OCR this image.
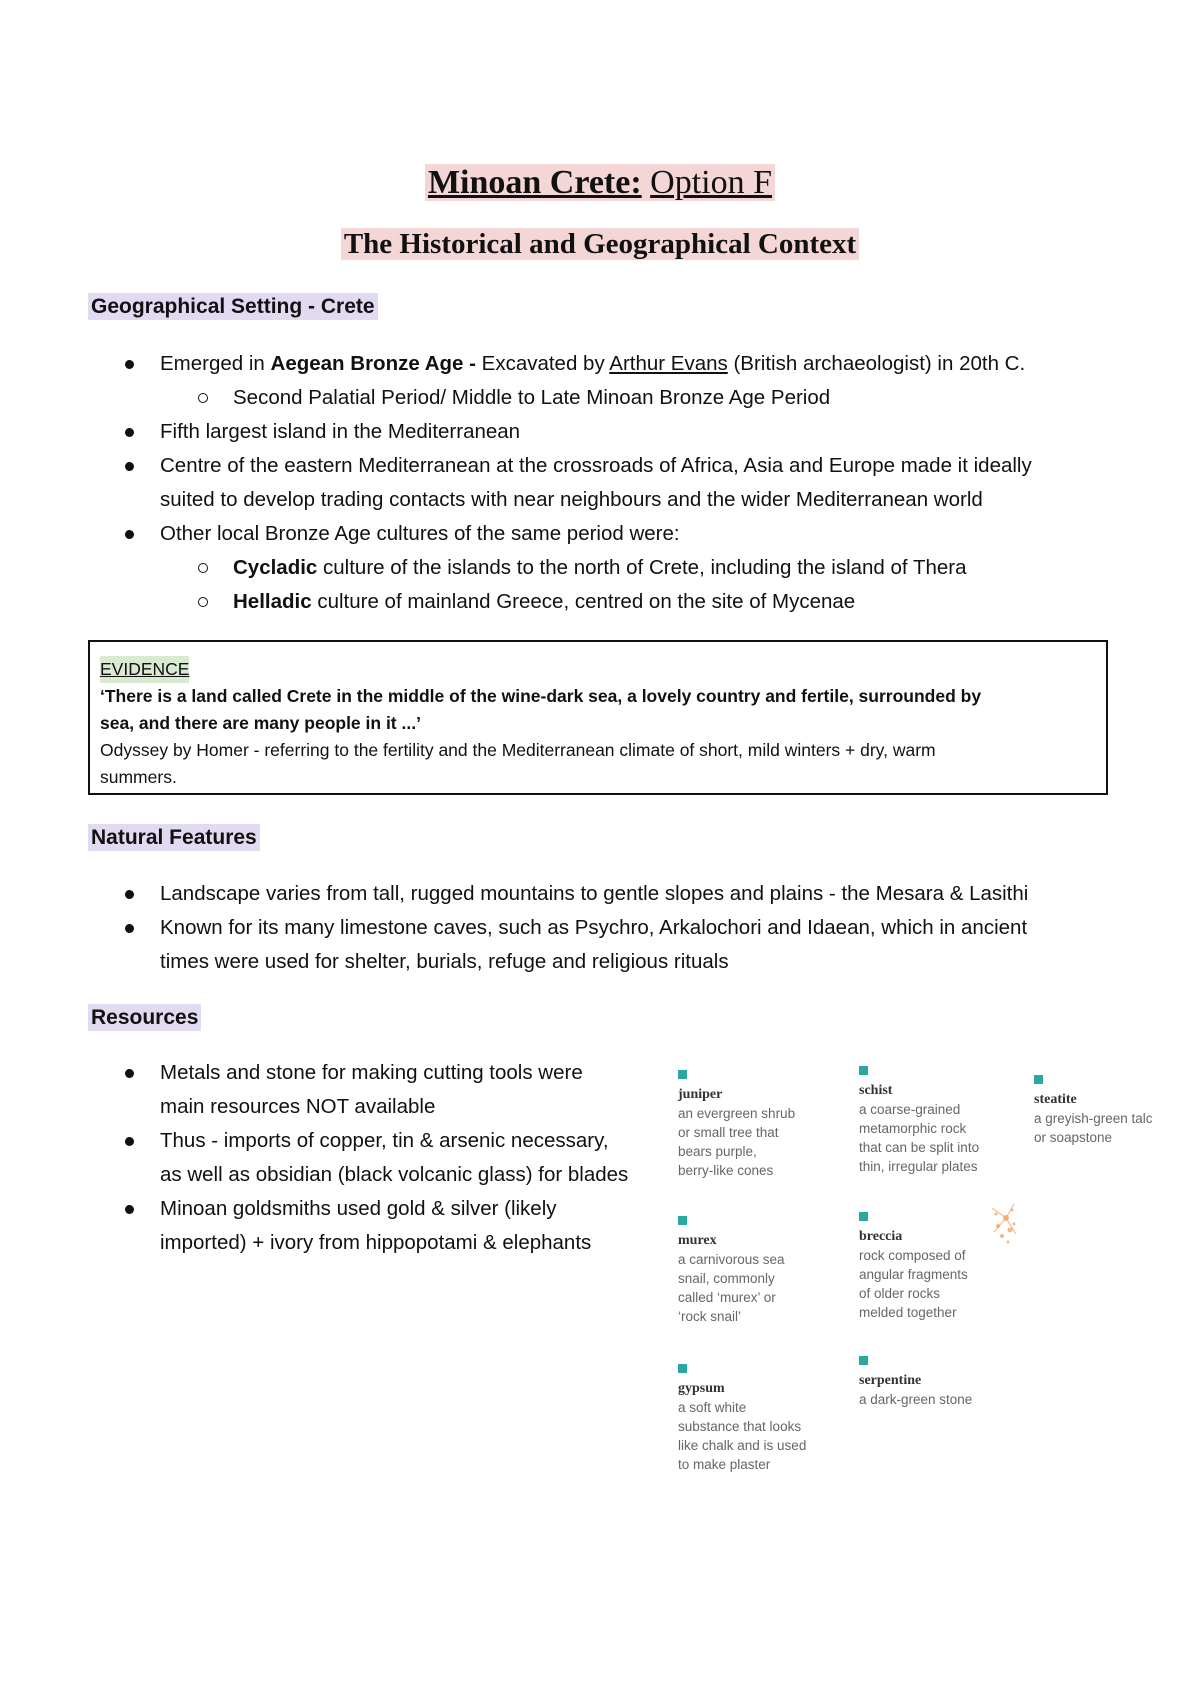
Minoan Crete: Option F
The Historical and Geographical Context
Geographical Setting - Crete
Emerged in Aegean Bronze Age - Excavated by Arthur Evans (British archaeologist) in 20th C.
Second Palatial Period/ Middle to Late Minoan Bronze Age Period
Fifth largest island in the Mediterranean
Centre of the eastern Mediterranean at the crossroads of Africa, Asia and Europe made it ideally
suited to develop trading contacts with near neighbours and the wider Mediterranean world
Other local Bronze Age cultures of the same period were:
Cycladic culture of the islands to the north of Crete, including the island of Thera
Helladic culture of mainland Greece, centred on the site of Mycenae
EVIDENCE
‘There is a land called Crete in the middle of the wine-dark sea, a lovely country and fertile, surrounded by
sea, and there are many people in it ...’
Odyssey by Homer - referring to the fertility and the Mediterranean climate of short, mild winters + dry, warm
summers.
Natural Features
Landscape varies from tall, rugged mountains to gentle slopes and plains - the Mesara & Lasithi
Known for its many limestone caves, such as Psychro, Arkalochori and Idaean, which in ancient
times were used for shelter, burials, refuge and religious rituals
Resources
Metals and stone for making cutting tools were
main resources NOT available
Thus - imports of copper, tin & arsenic necessary,
as well as obsidian (black volcanic glass) for blades
Minoan goldsmiths used gold & silver (likely
imported) + ivory from hippopotami & elephants
juniper
an evergreen shrub
or small tree that
bears purple,
berry-like cones
schist
a coarse-grained
metamorphic rock
that can be split into
thin, irregular plates
steatite
a greyish-green talc
or soapstone
murex
a carnivorous sea
snail, commonly
called ‘murex’ or
‘rock snail’
breccia
rock composed of
angular fragments
of older rocks
melded together
gypsum
a soft white
substance that looks
like chalk and is used
to make plaster
serpentine
a dark-green stone
